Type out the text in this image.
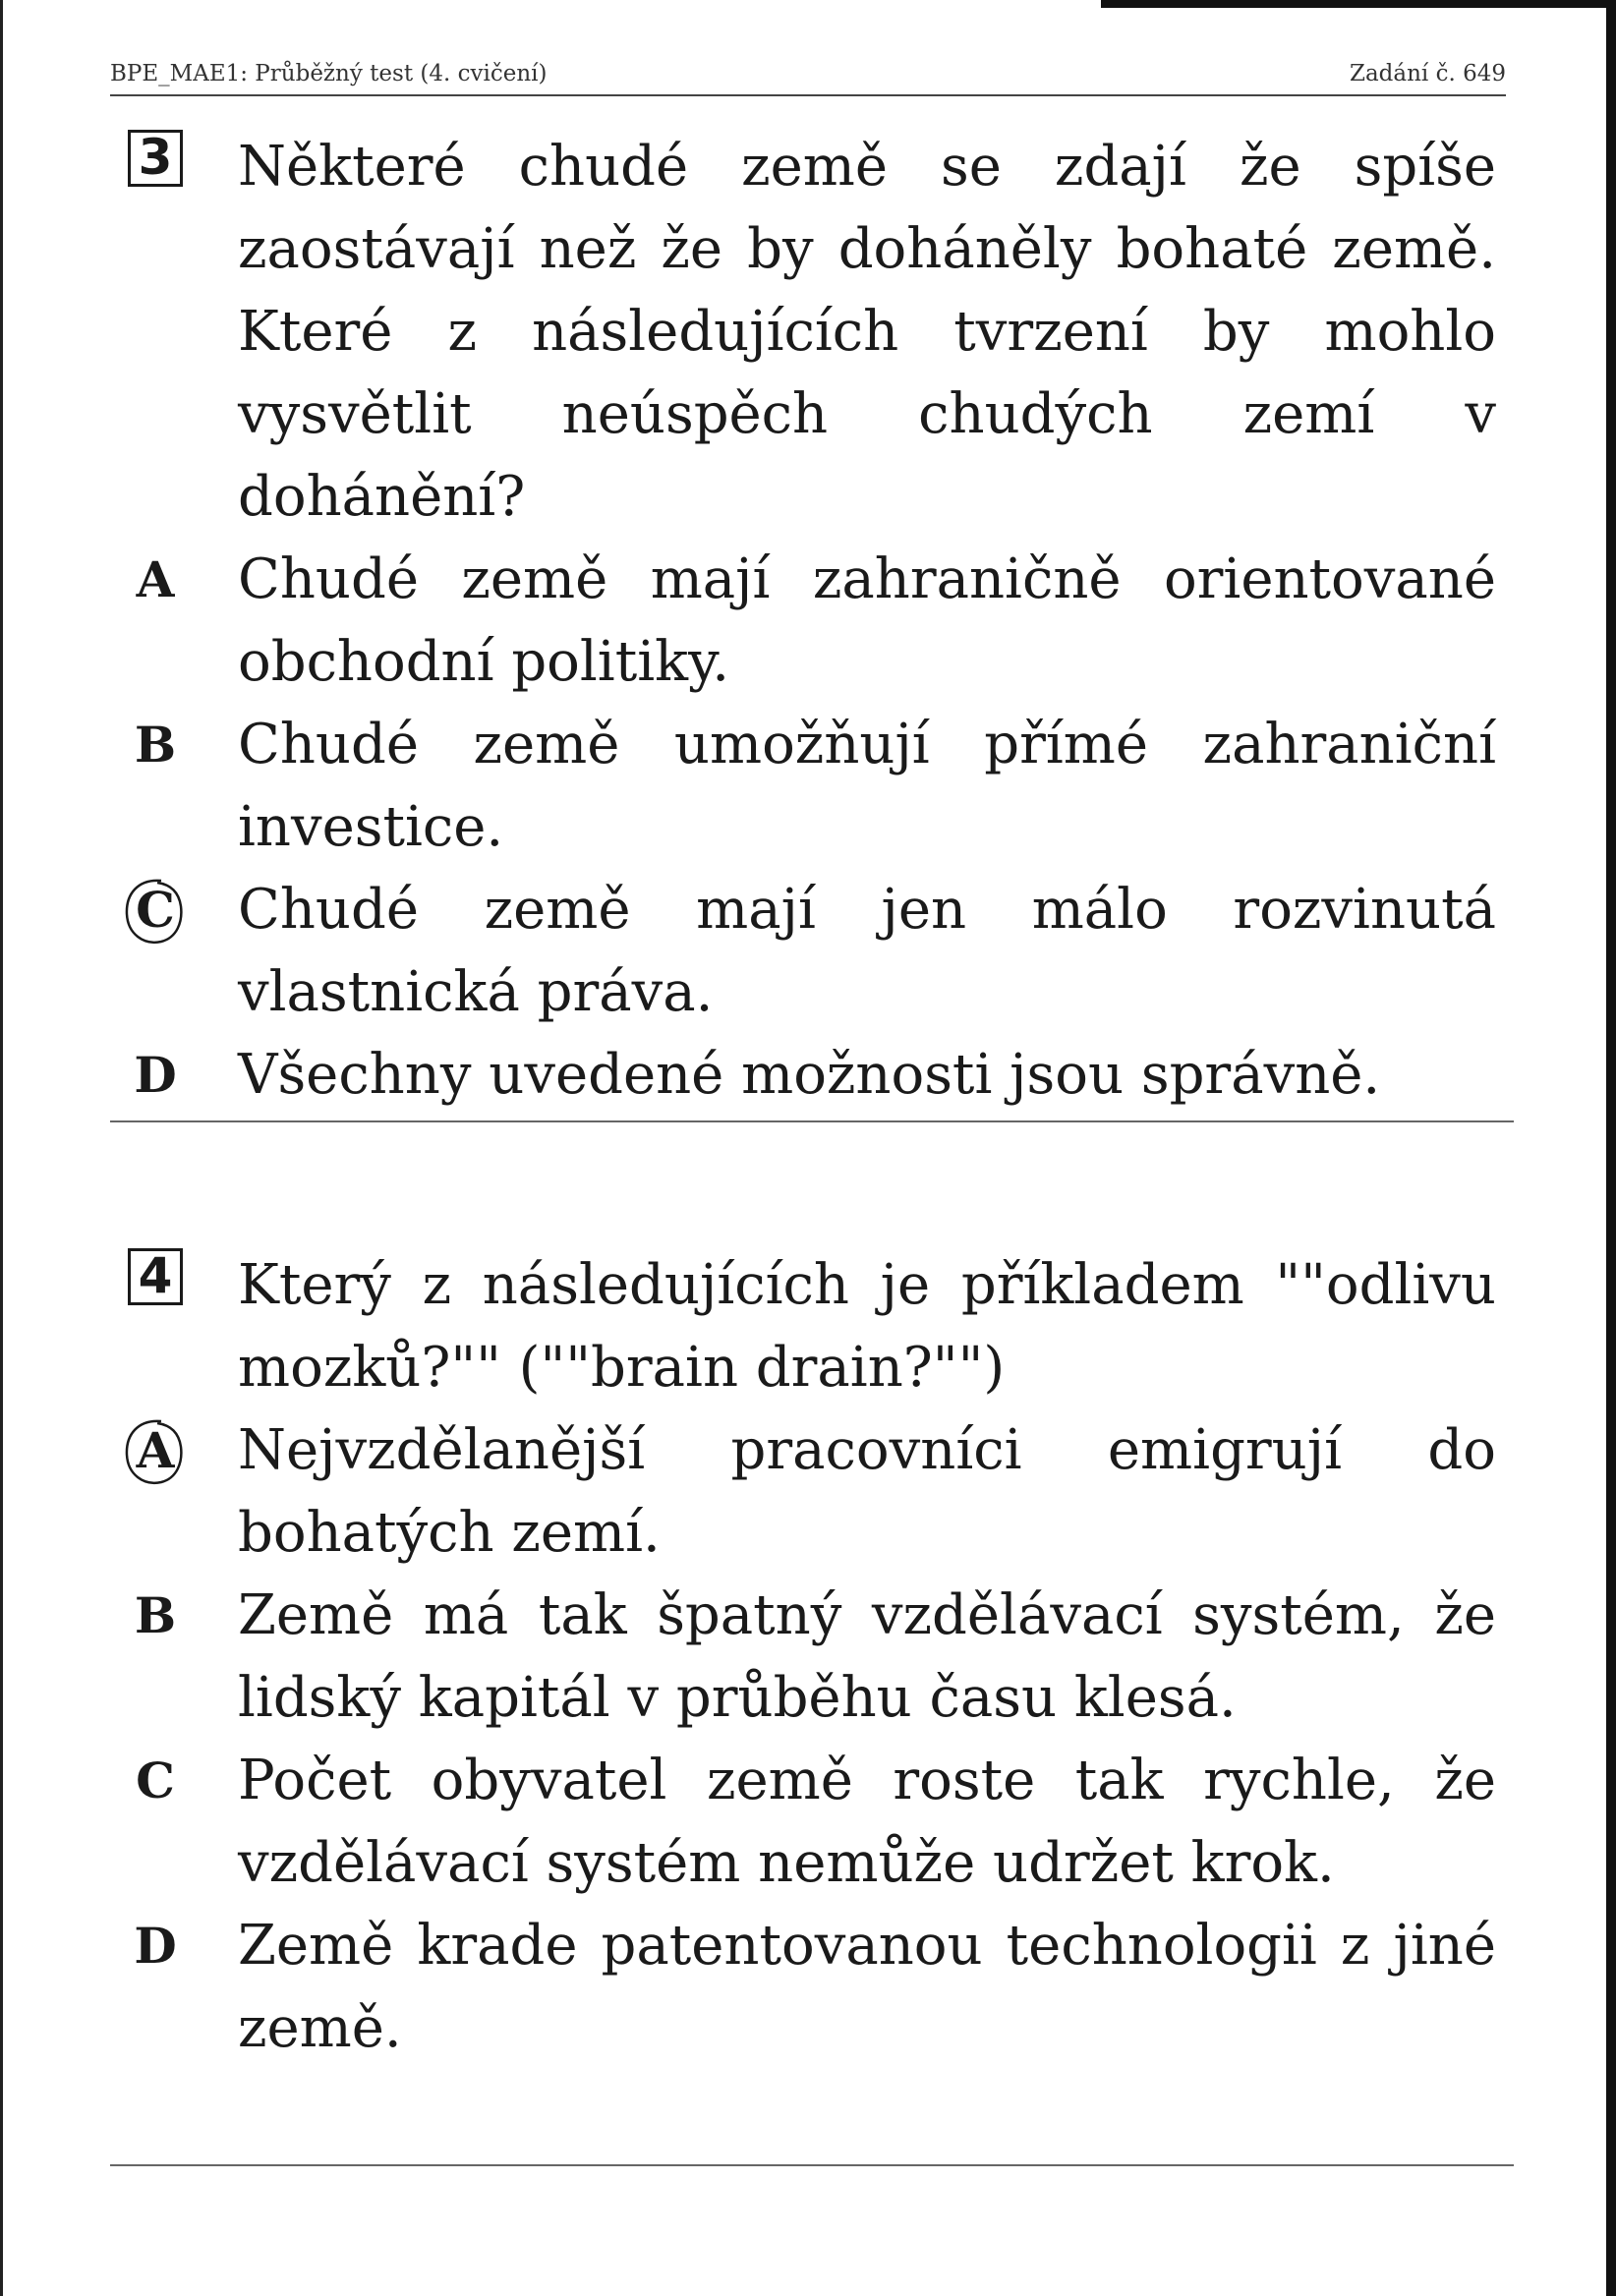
BPE_MAE1: Průběžný test (4. cvičení)	Zadání č. 649
3 Některé chudé země se zdají že spíše zaostávají než že by doháněly bohaté země. Které z následujících tvrzení by mohlo vysvětlit neúspěch chudých zemí v dohánění?
A Chudé země mají zahraničně orientované obchodní politiky.
B Chudé země umožňují přímé zahraniční investice.
C Chudé země mají jen málo rozvinutá vlastnická práva.
D Všechny uvedené možnosti jsou správně.
4 Který z následujících je příkladem ""odlivu mozků?"" (""brain drain?"")
A Nejvzdělanější pracovníci emigrují do bohatých zemí.
B Země má tak špatný vzdělávací systém, že lidský kapitál v průběhu času klesá.
C Počet obyvatel země roste tak rychle, že vzdělávací systém nemůže udržet krok.
D Země krade patentovanou technologii z jiné země.
